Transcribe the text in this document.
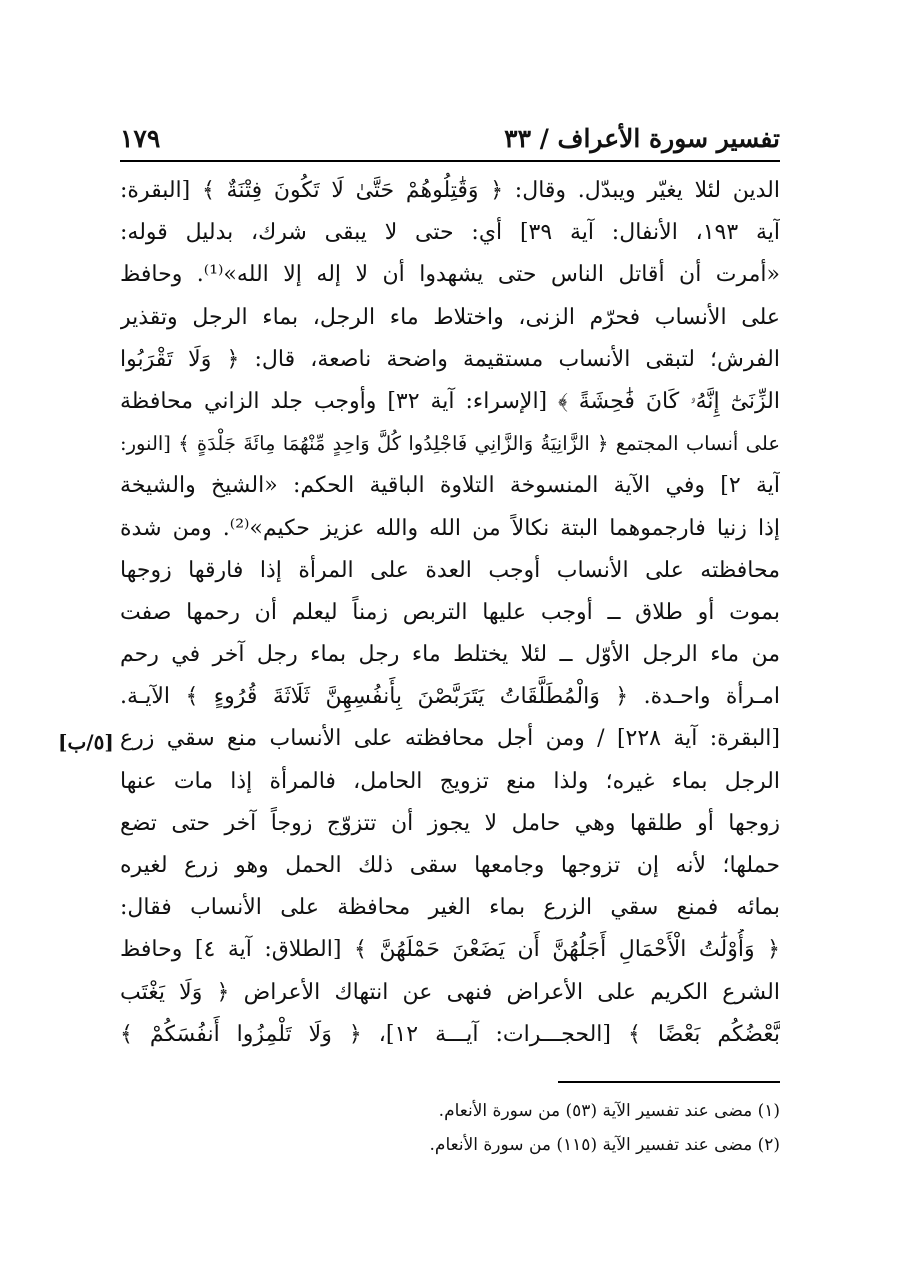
تفسير سورة الأعراف / ٣٣
١٧٩
الدين لئلا يغيّر ويبدّل. وقال: ﴿ وَقَٰتِلُوهُمْ حَتَّىٰ لَا تَكُونَ فِتْنَةٌ ﴾ [البقرة:
آية ١٩٣، الأنفال: آية ٣٩] أي: حتى لا يبقى شرك، بدليل قوله:
«أمرت أن أقاتل الناس حتى يشهدوا أن لا إله إلا الله»⁽¹⁾. وحافظ
على الأنساب فحرّم الزنى، واختلاط ماء الرجل، بماء الرجل وتقذير
الفرش؛ لتبقى الأنساب مستقيمة واضحة ناصعة، قال: ﴿ وَلَا تَقْرَبُوا
الزِّنَىٰٓ إِنَّهُۥ كَانَ فَٰحِشَةً ﴾ [الإسراء: آية ٣٢] وأوجب جلد الزاني محافظة
على أنساب المجتمع ﴿ الزَّانِيَةُ وَالزَّانِي فَاجْلِدُوا كُلَّ وَاحِدٍ مِّنْهُمَا مِائَةَ جَلْدَةٍ ﴾ [النور:
آية ٢] وفي الآية المنسوخة التلاوة الباقية الحكم: «الشيخ والشيخة
إذا زنيا فارجموهما البتة نكالاً من الله والله عزيز حكيم»⁽²⁾. ومن شدة
محافظته على الأنساب أوجب العدة على المرأة إذا فارقها زوجها
بموت أو طلاق ــ أوجب عليها التربص زمناً ليعلم أن رحمها صفت
من ماء الرجل الأوّل ــ لئلا يختلط ماء رجل بماء رجل آخر في رحم
امـرأة واحـدة. ﴿ وَالْمُطَلَّقَاتُ يَتَرَبَّصْنَ بِأَنفُسِهِنَّ ثَلَاثَةَ قُرُوءٍ ﴾ الآيـة.
[البقرة: آية ٢٢٨] / ومن أجل محافظته على الأنساب منع سقي زرع
الرجل بماء غيره؛ ولذا منع تزويج الحامل، فالمرأة إذا مات عنها
زوجها أو طلقها وهي حامل لا يجوز أن تتزوّج زوجاً آخر حتى تضع
حملها؛ لأنه إن تزوجها وجامعها سقى ذلك الحمل وهو زرع لغيره
بمائه فمنع سقي الزرع بماء الغير محافظة على الأنساب فقال:
﴿ وَأُوْلَٰتُ الْأَحْمَالِ أَجَلُهُنَّ أَن يَضَعْنَ حَمْلَهُنَّ ﴾ [الطلاق: آية ٤] وحافظ
الشرع الكريم على الأعراض فنهى عن انتهاك الأعراض ﴿ وَلَا يَغْتَب
بَّعْضُكُم بَعْضًا ﴾ [الحجـــرات: آيـــة ١٢]، ﴿ وَلَا تَلْمِزُوا أَنفُسَكُمْ ﴾
[٥/ب]
(١) مضى عند تفسير الآية (٥٣) من سورة الأنعام.
(٢) مضى عند تفسير الآية (١١٥) من سورة الأنعام.
